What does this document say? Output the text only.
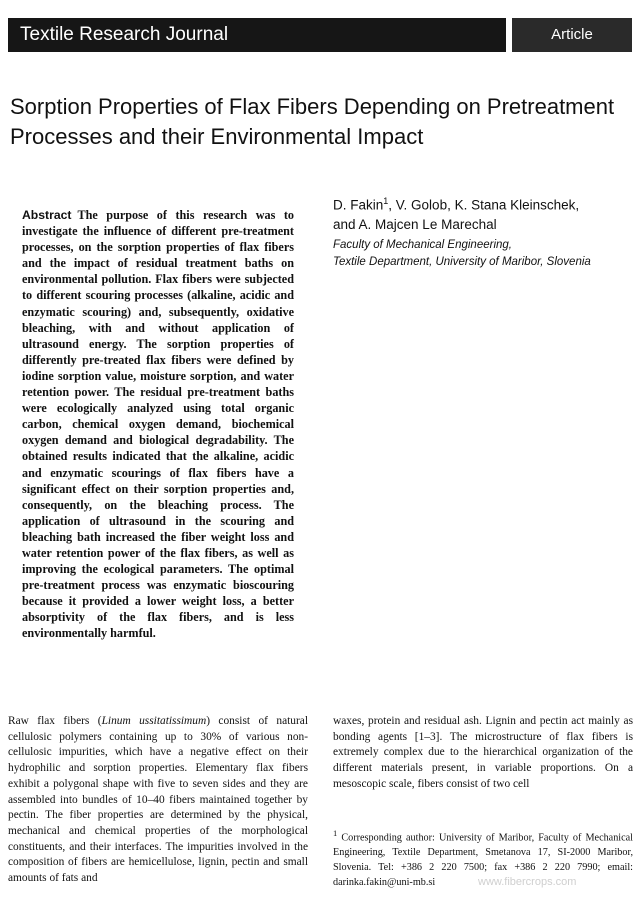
Textile Research Journal	Article
Sorption Properties of Flax Fibers Depending on Pretreatment Processes and their Environmental Impact
D. Fakin$^1$, V. Golob, K. Stana Kleinschek,
and A. Majcen Le Marechal
Faculty of Mechanical Engineering,
Textile Department, University of Maribor, Slovenia
Abstract The purpose of this research was to investigate the influence of different pre-treatment processes, on the sorption properties of flax fibers and the impact of residual treatment baths on environmental pollution. Flax fibers were subjected to different scouring processes (alkaline, acidic and enzymatic scouring) and, subsequently, oxidative bleaching, with and without application of ultrasound energy. The sorption properties of differently pre-treated flax fibers were defined by iodine sorption value, moisture sorption, and water retention power. The residual pre-treatment baths were ecologically analyzed using total organic carbon, chemical oxygen demand, biochemical oxygen demand and biological degradability. The obtained results indicated that the alkaline, acidic and enzymatic scourings of flax fibers have a significant effect on their sorption properties and, consequently, on the bleaching process. The application of ultrasound in the scouring and bleaching bath increased the fiber weight loss and water retention power of the flax fibers, as well as improving the ecological parameters. The optimal pre-treatment process was enzymatic bioscouring because it provided a lower weight loss, a better absorptivity of the flax fibers, and is less environmentally harmful.
Raw flax fibers (Linum ussitatissimum) consist of natural cellulosic polymers containing up to 30% of various non-cellulosic impurities, which have a negative effect on their hydrophilic and sorption properties. Elementary flax fibers exhibit a polygonal shape with five to seven sides and they are assembled into bundles of 10–40 fibers maintained together by pectin. The fiber properties are determined by the physical, mechanical and chemical properties of the morphological constituents, and their interfaces. The impurities involved in the composition of fibers are hemicellulose, lignin, pectin and small amounts of fats and
waxes, protein and residual ash. Lignin and pectin act mainly as bonding agents [1–3]. The microstructure of flax fibers is extremely complex due to the hierarchical organization of the different materials present, in variable proportions. On a mesoscopic scale, fibers consist of two cell
$^1$ Corresponding author: University of Maribor, Faculty of Mechanical Engineering, Textile Department, Smetanova 17, SI-2000 Maribor, Slovenia. Tel: +386 2 220 7500; fax +386 2 220 7990; email: darinka.fakin@uni-mb.si	www.fibercrops.com
